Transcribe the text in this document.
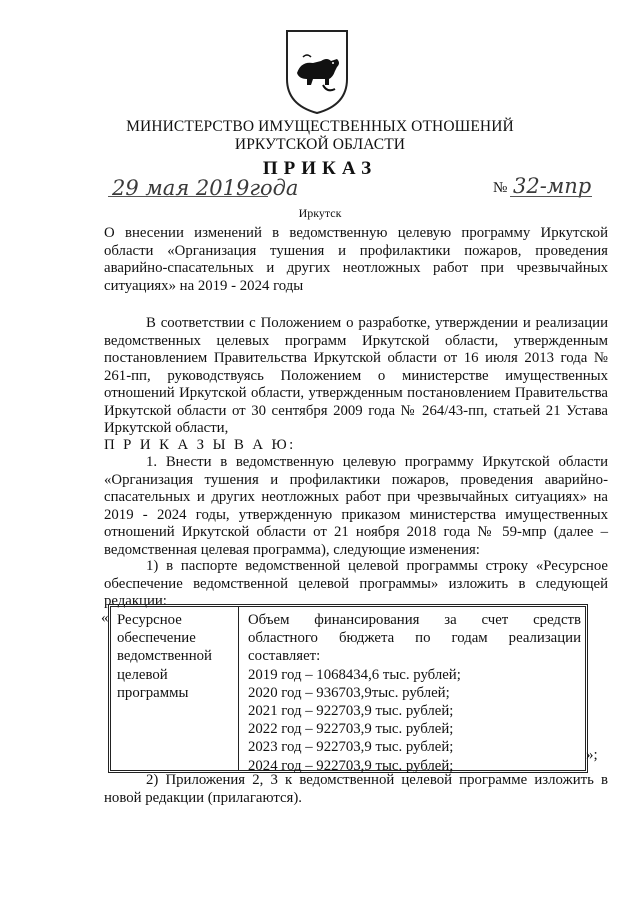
МИНИСТЕРСТВО ИМУЩЕСТВЕННЫХ ОТНОШЕНИЙ
ИРКУТСКОЙ ОБЛАСТИ
ПРИКАЗ
29 мая 2019года	№ 32-мпр
Иркутск
О внесении изменений в ведомственную целевую программу Иркутской области «Организация тушения и профилактики пожаров, проведения аварийно-спасательных и других неотложных работ при чрезвычайных ситуациях» на 2019 - 2024 годы
В соответствии с Положением о разработке, утверждении и реализации ведомственных целевых программ Иркутской области, утвержденным постановлением Правительства Иркутской области от 16 июля 2013 года № 261-пп, руководствуясь Положением о министерстве имущественных отношений Иркутской области, утвержденным постановлением Правительства Иркутской области от 30 сентября 2009 года № 264/43-пп, статьей 21 Устава Иркутской области,
П Р И К А З Ы В А Ю:
1. Внести в ведомственную целевую программу Иркутской области «Организация тушения и профилактики пожаров, проведения аварийно-спасательных и других неотложных работ при чрезвычайных ситуациях» на 2019 - 2024 годы, утвержденную приказом министерства имущественных отношений Иркутской области от 21 ноября 2018 года № 59-мпр (далее – ведомственная целевая программа), следующие изменения:
1) в паспорте ведомственной целевой программы строку «Ресурсное обеспечение ведомственной целевой программы» изложить в следующей редакции:
« Ресурсное
обеспечение
ведомственной
целевой
программы
Объем финансирования за счет средств
областного бюджета по годам реализации
составляет:
2019 год – 1068434,6 тыс. рублей;
2020 год – 936703,9тыс. рублей;
2021 год – 922703,9 тыс. рублей;
2022 год – 922703,9 тыс. рублей;
2023 год – 922703,9 тыс. рублей;
2024 год – 922703,9 тыс. рублей;
»;
2) Приложения 2, 3 к ведомственной целевой программе изложить в новой редакции (прилагаются).
